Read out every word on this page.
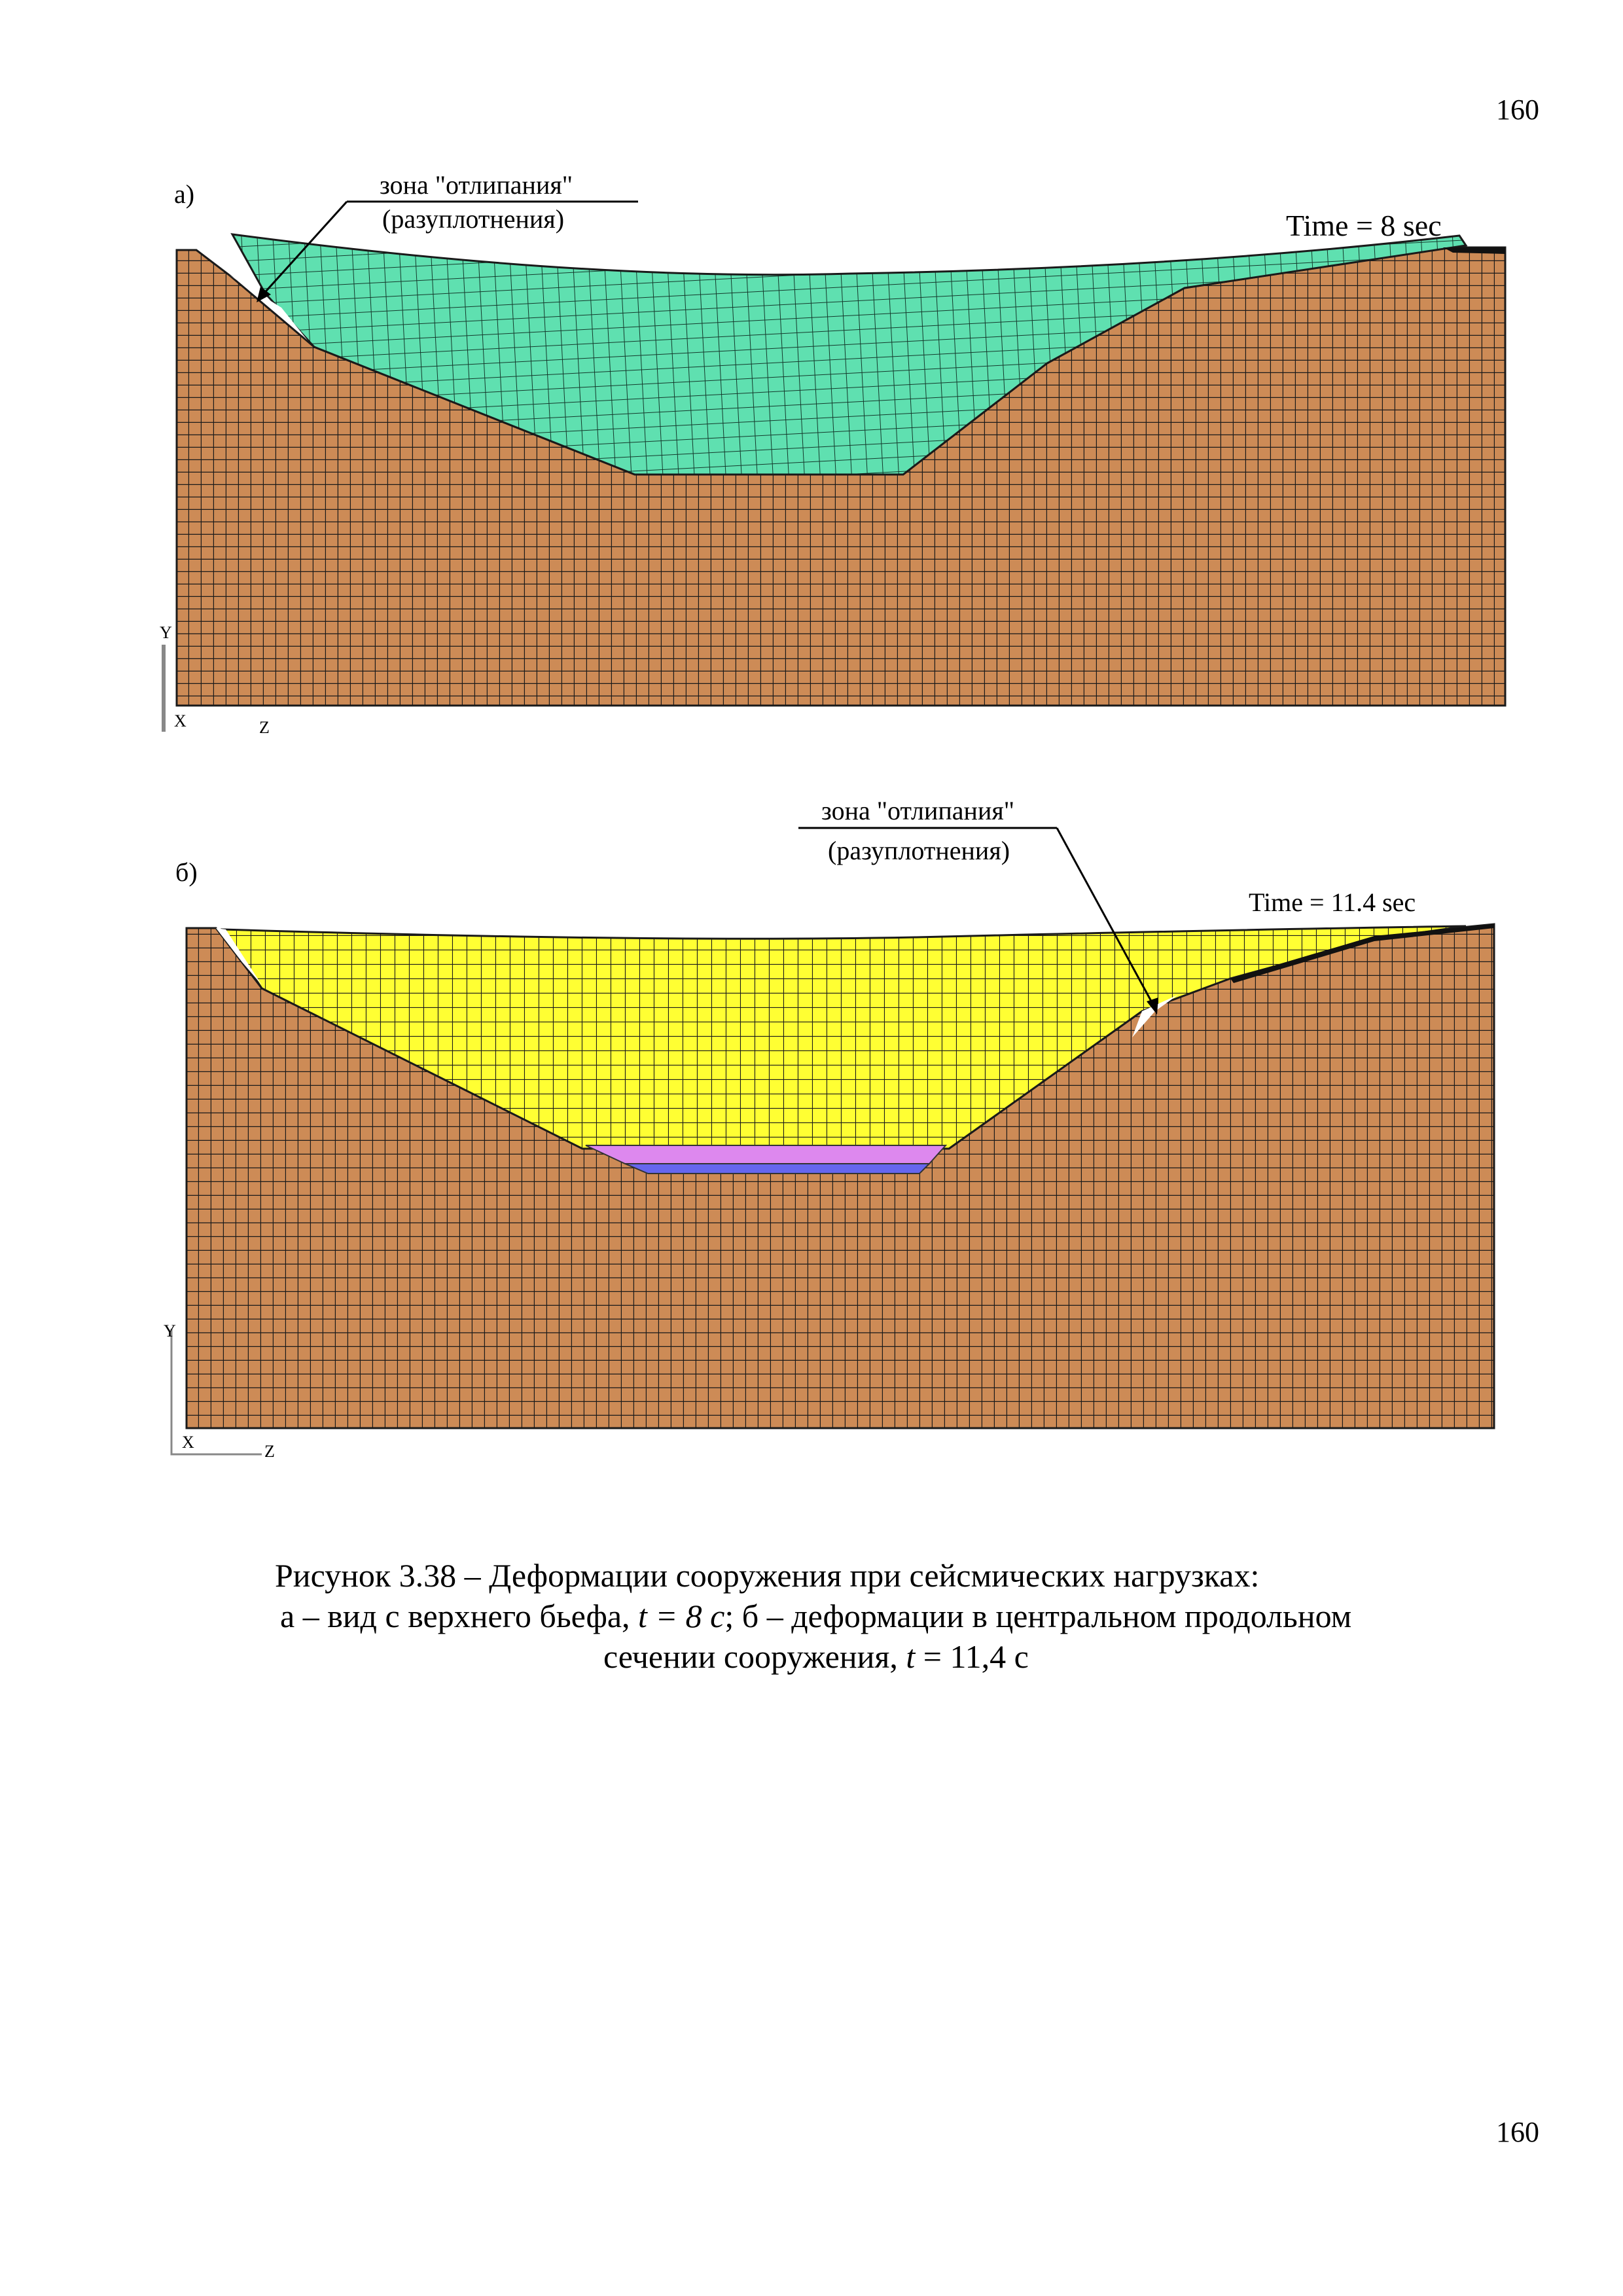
160
а)	зона "отлипания"
(разуплотнения)	Time = 8 sec
Y
X	Z
б)
зона "отлипания"
(разуплотнения)
Time = 11.4 sec
Y
X	Z
Рисунок 3.38 – Деформации сооружения при сейсмических нагрузках:
а – вид с верхнего бьефа, t = 8 с; б – деформации в центральном продольном
сечении сооружения, t = 11,4 с
160
